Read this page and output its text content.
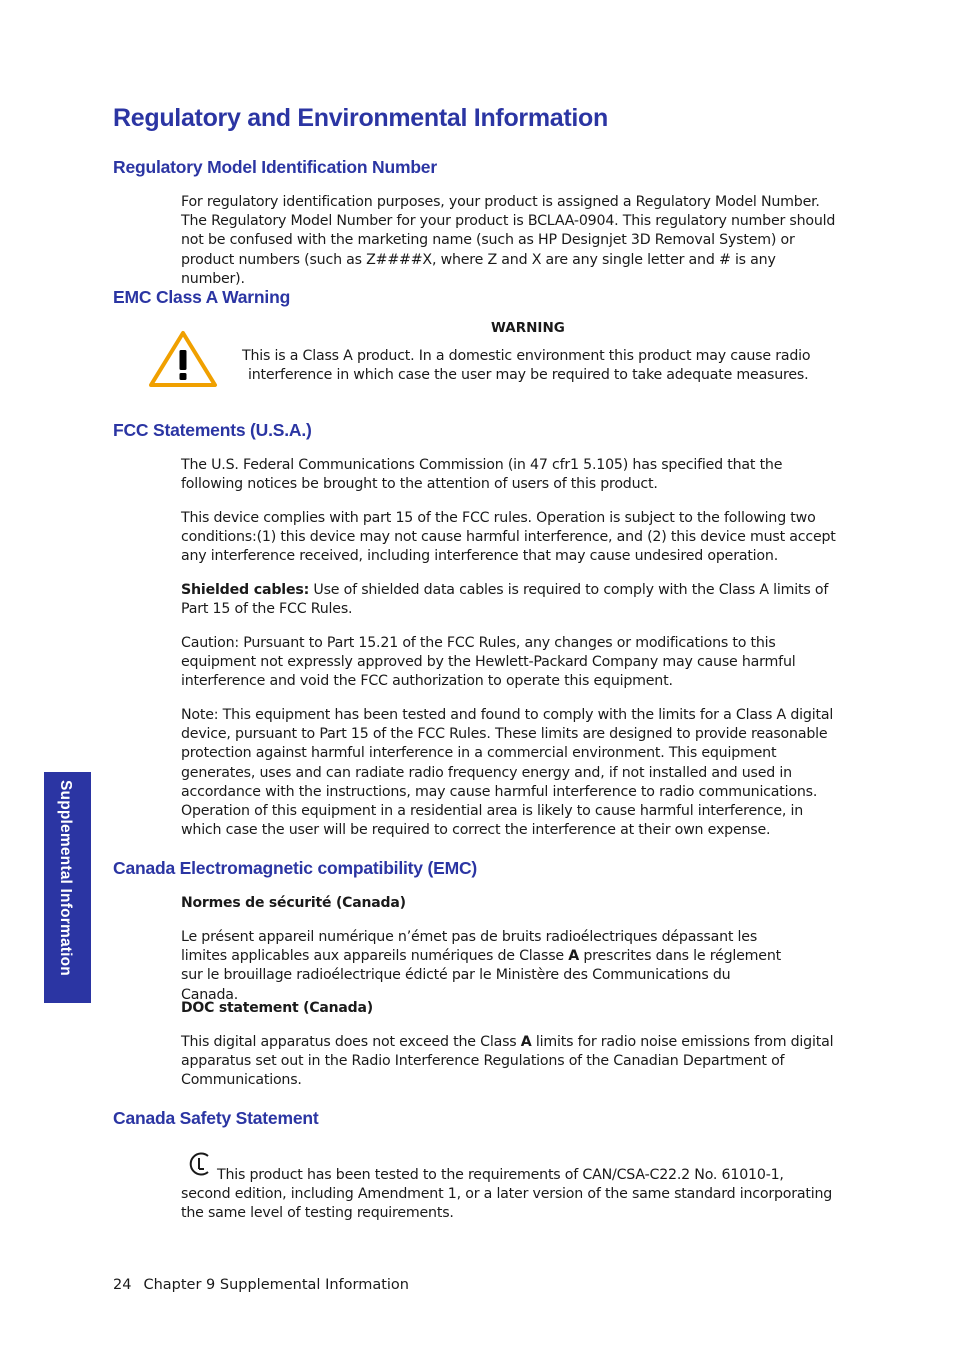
Regulatory and Environmental Information
Regulatory Model Identification Number

For regulatory identification purposes, your product is assigned a Regulatory Model Number. The Regulatory Model Number for your product is BCLAA-0904. This regulatory number should not be confused with the marketing name (such as HP Designjet 3D Removal System) or product numbers (such as Z####X, where Z and X are any single letter and # is any number).

EMC Class A Warning
WARNING
This is a Class A product. In a domestic environment this product may cause radio
interference in which case the user may be required to take adequate measures.
FCC Statements (U.S.A.)

The U.S. Federal Communications Commission (in 47 cfr1 5.105) has specified that the following notices be brought to the attention of users of this product.

This device complies with part 15 of the FCC rules. Operation is subject to the following two conditions:(1) this device may not cause harmful interference, and (2) this device must accept any interference received, including interference that may cause undesired operation.

Shielded cables: Use of shielded data cables is required to comply with the Class A limits of Part 15 of the FCC Rules.

Caution: Pursuant to Part 15.21 of the FCC Rules, any changes or modifications to this equipment not expressly approved by the Hewlett-Packard Company may cause harmful interference and void the FCC authorization to operate this equipment.

Note: This equipment has been tested and found to comply with the limits for a Class A digital device, pursuant to Part 15 of the FCC Rules. These limits are designed to provide reasonable protection against harmful interference in a commercial environment. This equipment generates, uses and can radiate radio frequency energy and, if not installed and used in accordance with the instructions, may cause harmful interference to radio communications. Operation of this equipment in a residential area is likely to cause harmful interference, in which case the user will be required to correct the interference at their own expense.

Canada Electromagnetic compatibility (EMC)
Normes de sécurité (Canada)

Le présent appareil numérique n’émet pas de bruits radioélectriques dépassant les limites applicables aux appareils numériques de Classe A prescrites dans le réglement sur le brouillage radioélectrique édicté par le Ministère des Communications du Canada.

DOC statement (Canada)

This digital apparatus does not exceed the Class A limits for radio noise emissions from digital apparatus set out in the Radio Interference Regulations of the Canadian Department of Communications.

Canada Safety Statement

This product has been tested to the requirements of CAN/CSA-C22.2 No. 61010-1, second edition, including Amendment 1, or a later version of the same standard incorporating the same level of testing requirements.

Supplemental Information
24 Chapter 9 Supplemental Information
